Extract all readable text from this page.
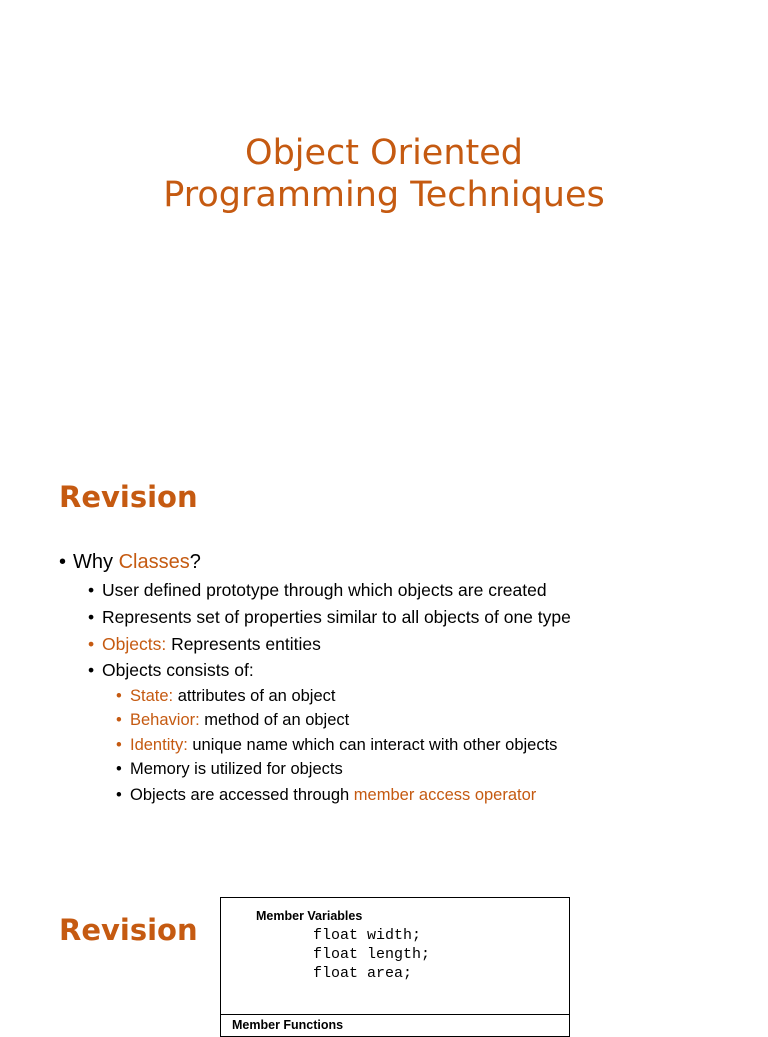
Object Oriented
Programming Techniques
Revision
• Why Classes?
• User defined prototype through which objects are created
• Represents set of properties similar to all objects of one type
• Objects: Represents entities
• Objects consists of:
• State: attributes of an object
• Behavior: method of an object
• Identity: unique name which can interact with other objects
• Memory is utilized for objects
• Objects are accessed through member access operator
Revision	Member Variables
float width;
float length;
float area;
Member Functions
